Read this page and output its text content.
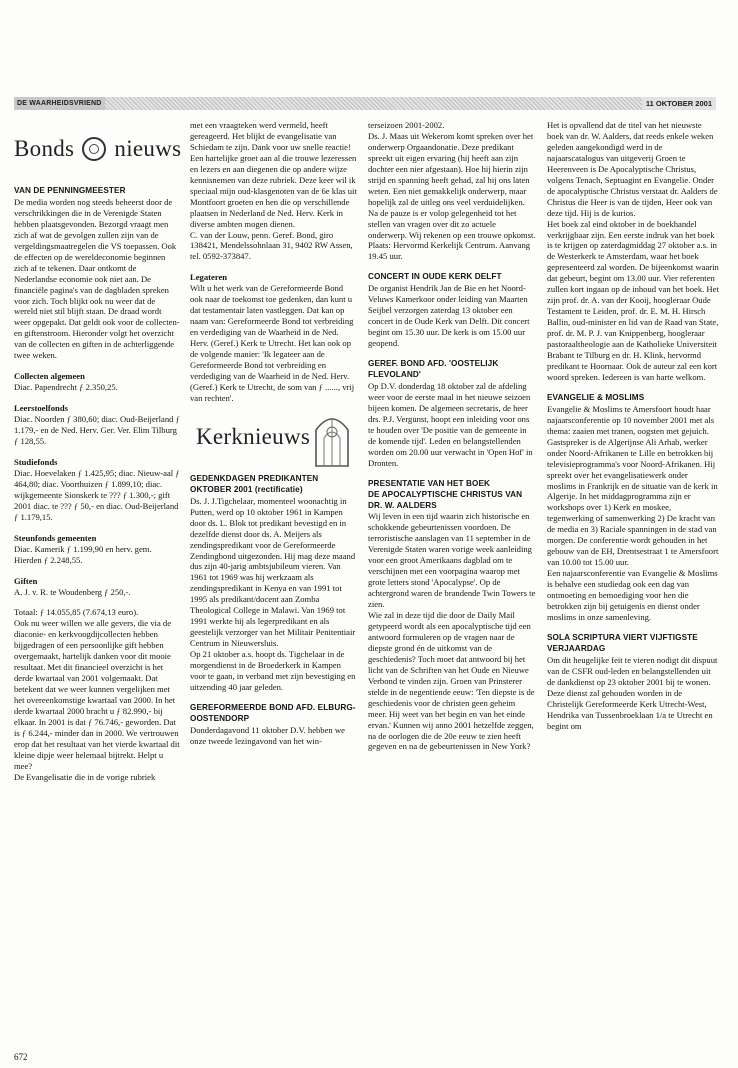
DE WAARHEIDSVRIEND	11 OKTOBER 2001
Bonds nieuws

VAN DE PENNINGMEESTER

De media worden nog steeds beheerst door de verschrikkingen die in de Verenigde Staten hebben plaatsgevonden. Bezorgd vraagt men zich af wat de gevolgen zullen zijn van de vergeldingsmaatregelen die VS toepassen. Ook de effecten op de wereldeconomie beginnen zich af te tekenen. Daar ontkomt de Nederlandse economie ook niet aan. De financiële pagina's van de dagbladen spreken voor zich. Toch blijkt ook nu weer dat de wereld niet stil blijft staan. De draad wordt weer opgepakt. Dat geldt ook voor de collecten- en giftenstroom. Hieronder volgt het overzicht van de collecten en giften in de achterliggende twee weken.

Collecten algemeen

Diac. Papendrecht ƒ 2.350,25.

Leerstoelfonds

Diac. Noorden ƒ 380,60; diac. Oud-Beijerland ƒ 1.179,- en de Ned. Herv. Ger. Ver. Elim Tilburg ƒ 128,55.

Studiefonds

Diac. Hoevelaken ƒ 1.425,95; diac. Nieuw-aal ƒ 464,80; diac. Voorthuizen ƒ 1.899,10; diac. wijkgemeente Sionskerk te ??? ƒ 1.300,-; gift 2001 diac. te ??? ƒ 50,- en diac. Oud-Beijerland ƒ 1.179,15.

Steunfonds gemeenten

Diac. Kamerik ƒ 1.199,90 en herv. gem. Hierden ƒ 2.248,55.

Giften

A. J. v. R. te Woudenberg ƒ 250,-.

Totaal: ƒ 14.055,85 (7.674,13 euro).

Ook nu weer willen we alle gevers, die via de diaconie- en kerkvoogdijcollecten hebben bijgedragen of een persoonlijke gift hebben overgemaakt, hartelijk danken voor dit mooie resultaat. Met dit financieel overzicht is het derde kwartaal van 2001 volgemaakt. Dat betekent dat we weer kunnen vergelijken met het overeenkomstige kwartaal van 2000. In het derde kwartaal 2000 bracht u ƒ 82.990,- bij elkaar. In 2001 is dat ƒ 76.746,- geworden. Dat is ƒ 6.244,- minder dan in 2000. We vertrouwen erop dat het resultaat van het vierde kwartaal dit kleine dipje weer helemaal bijtrekt. Helpt u mee?

De Evangelisatie die in de vorige rubriek

672

met een vraagteken werd vermeld, heeft gereageerd. Het blijkt de evangelisatie van Schiedam te zijn. Dank voor uw snelle reactie!

Een hartelijke groet aan al die trouwe lezeressen en lezers en aan diegenen die op andere wijze kennisnemen van deze rubriek. Deze keer wil ik speciaal mijn oud-klasgenoten van de 6e klas uit Montfoort groeten en hen die op verschillende plaatsen in Nederland de Ned. Herv. Kerk in diverse ambten mogen dienen.

C. van der Louw, penn. Geref. Bond, giro 138421, Mendelssohnlaan 31, 9402 RW Assen, tel. 0592-373847.

Legateren

Wilt u het werk van de Gereformeerde Bond ook naar de toekomst toe gedenken, dan kunt u dat testamentair laten vastleggen. Dat kan op naam van: Gereformeerde Bond tot verbreiding en verdediging van de Waarheid in de Ned. Herv. (Geref.) Kerk te Utrecht. Het kan ook op de volgende manier: 'Ik legateer aan de Gereformeerde Bond tot verbreiding en verdediging van de Waarheid in de Ned. Herv. (Geref.) Kerk te Utrecht, de som van ƒ ......, vrij van rechten'.

Kerknieuws

GEDENKDAGEN PREDIKANTEN OKTOBER 2001 (rectificatie)

Ds. J. J.Tigchelaar, momenteel woonachtig in Putten, werd op 10 oktober 1961 in Kampen door ds. L. Blok tot predikant bevestigd en in dezelfde dienst door ds. A. Meijers als zendingspredikant voor de Gereformeerde Zendingbond uitgezonden. Hij mag deze maand dus zijn 40-jarig ambtsjubileum vieren. Van 1961 tot 1969 was hij werkzaam als zendingspredikant in Kenya en van 1991 tot 1995 als predikant/docent aan Zomba Theological College in Malawi. Van 1969 tot 1991 werkte hij als legerpredikant en als geestelijk verzorger van het Militair Penitentiair Centrum in Nieuwersluis.

Op 21 oktober a.s. hoopt ds. Tigchelaar in de morgendienst in de Broederkerk in Kampen voor te gaan, in verband met zijn bevestiging en uitzending 40 jaar geleden.

GEREFORMEERDE BOND AFD. ELBURG-OOSTENDORP

Donderdagavond 11 oktober D.V. hebben we onze tweede lezingavond van het win-

terseizoen 2001-2002.

Ds. J. Maas uit Wekerom komt spreken over het onderwerp Orgaandonatie. Deze predikant spreekt uit eigen ervaring (hij heeft aan zijn dochter een nier afgestaan). Hoe hij hierin zijn strijd en spanning heeft gehad, zal hij ons laten weten. Een niet gemakkelijk onderwerp, maar hopelijk zal de uitleg ons veel verduidelijken. Na de pauze is er volop gelegenheid tot het stellen van vragen over dit zo actuele onderwerp. Wij rekenen op een trouwe opkomst. Plaats: Hervormd Kerkelijk Centrum. Aanvang 19.45 uur.

CONCERT IN OUDE KERK DELFT

De organist Hendrik Jan de Bie en het Noord-Veluws Kamerkoor onder leiding van Maarten Seijbel verzorgen zaterdag 13 oktober een concert in de Oude Kerk van Delft. Dit concert begint om 15.30 uur. De kerk is om 15.00 uur geopend.

GEREF. BOND AFD. 'OOSTELIJK FLEVOLAND'

Op D.V. donderdag 18 oktober zal de afdeling weer voor de eerste maal in het nieuwe seizoen bijeen komen. De algemeen secretaris, de heer drs. P.J. Vergunst, hoopt een inleiding voor ons te houden over 'De positie van de gemeente in de komende tijd'. Leden en belangstellenden worden om 20.00 uur verwacht in 'Open Hof' in Dronten.

PRESENTATIE VAN HET BOEK

DE APOCALYPTISCHE CHRISTUS VAN

DR. W. AALDERS

Wij leven in een tijd waarin zich historische en schokkende gebeurtenissen voordoen. De terroristische aanslagen van 11 september in de Verenigde Staten waren vorige week aanleiding voor een groot Amerikaans dagblad om te verschijnen met een voorpagina waarop met grote letters stond 'Apocalypse'. Op de achtergrond waren de brandende Twin Towers te zien.

Wie zal in deze tijd die door de Daily Mail getypeerd wordt als een apocalyptische tijd een antwoord formuleren op de vragen naar de diepste grond én de uitkomst van de geschiedenis? Toch moet dat antwoord bij het licht van de Schriften van het Oude en Nieuwe Verbond te vinden zijn. Groen van Prinsterer stelde in de negentiende eeuw: 'Ten diepste is de geschiedenis voor de christen geen geheim meer. Hij weet van het begin en van het einde ervan.' Kunnen wij anno 2001 hetzelfde zeggen, na de oorlogen die de 20e eeuw te zien heeft gegeven en na de gebeurtenissen in New York?

Het is opvallend dat de titel van het nieuwste boek van dr. W. Aalders, dat reeds enkele weken geleden aangekondigd werd in de najaarscatalogus van uitgeverij Groen te Heerenveen is De Apocalyptische Christus, volgens Tenach, Septuagint en Evangelie. Onder de apocalyptische Christus verstaat dr. Aalders de Christus die Heer is van de tijden, Heer ook van deze tijd. Hij is de kurios.

Het boek zal eind oktober in de boekhandel verkrijgbaar zijn. Een eerste indruk van het boek is te krijgen op zaterdagmiddag 27 oktober a.s. in de Westerkerk te Amsterdam, waar het boek gepresenteerd zal worden. De bijeenkomst waarin dat gebeurt, begint om 13.00 uur. Vier referenten zullen kort ingaan op de inhoud van het boek. Het zijn prof. dr. A. van der Kooij, hoogleraar Oude Testament te Leiden, prof. dr. E. M. H. Hirsch Ballin, oud-minister en lid van de Raad van State, prof. dr. M. P. J. van Knippenberg, hoogleraar pastoraaltheologie aan de Katholieke Universiteit Brabant te Tilburg en dr. H. Klink, hervormd predikant te Hoornaar. Ook de auteur zal een kort woord spreken. Iedereen is van harte welkom.

EVANGELIE & MOSLIMS

Evangelie & Moslims te Amersfoort houdt haar najaarsconferentie op 10 november 2001 met als thema: zaaien met tranen, oogsten met gejuich. Gastspreker is de Algerijnse Ali Arhab, werker onder Noord-Afrikanen te Lille en betrokken bij televisieprogramma's voor Noord-Afrikanen. Hij spreekt over het evangelisatiewerk onder moslims in Frankrijk en de situatie van de kerk in Algerije. In het middagprogramma zijn er workshops over 1) Kerk en moskee, tegenwerking of samenwerking 2) De kracht van de media en 3) Raciale spanningen in de stad van morgen. De conferentie wordt gehouden in het gebouw van de EH, Drentsestraat 1 te Amersfoort van 10.00 tot 15.00 uur.

Een najaarsconferentie van Evangelie & Moslims is behalve een studiedag ook een dag van ontmoeting en bemoediging voor hen die betrokken zijn bij getuigenis en dienst onder moslims in onze samenleving.

SOLA SCRIPTURA VIERT VIJFTIGSTE VERJAARDAG

Om dit heugelijke feit te vieren nodigt dit dispuut van de CSFR oud-leden en belangstellenden uit de dankdienst op 23 oktober 2001 bij te wonen. Deze dienst zal gehouden worden in de Christelijk Gereformeerde Kerk Utrecht-West, Hendrika van Tussenbroeklaan 1/a te Utrecht en begint om
